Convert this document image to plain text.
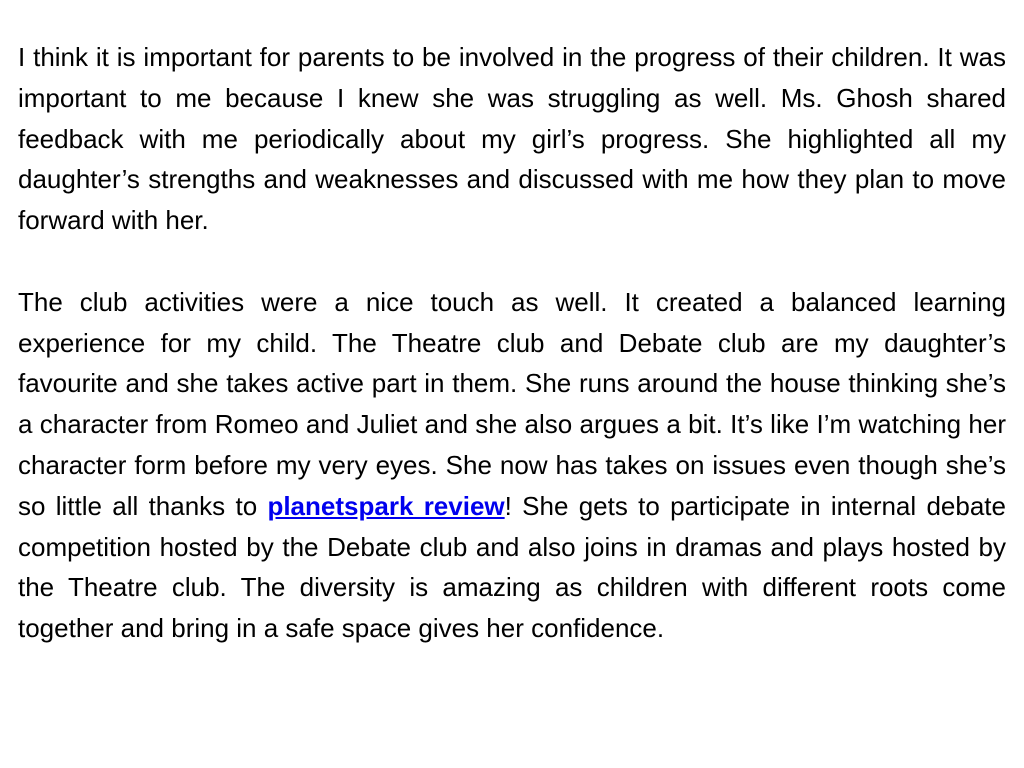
I think it is important for parents to be involved in the progress of their children. It was important to me because I knew she was struggling as well. Ms. Ghosh shared feedback with me periodically about my girl’s progress. She highlighted all my daughter’s strengths and weaknesses and discussed with me how they plan to move forward with her.

The club activities were a nice touch as well. It created a balanced learning experience for my child. The Theatre club and Debate club are my daughter’s favourite and she takes active part in them. She runs around the house thinking she’s a character from Romeo and Juliet and she also argues a bit. It’s like I’m watching her character form before my very eyes. She now has takes on issues even though she’s so little all thanks to planetspark review! She gets to participate in internal debate competition hosted by the Debate club and also joins in dramas and plays hosted by the Theatre club. The diversity is amazing as children with different roots come together and bring in a safe space gives her confidence.
